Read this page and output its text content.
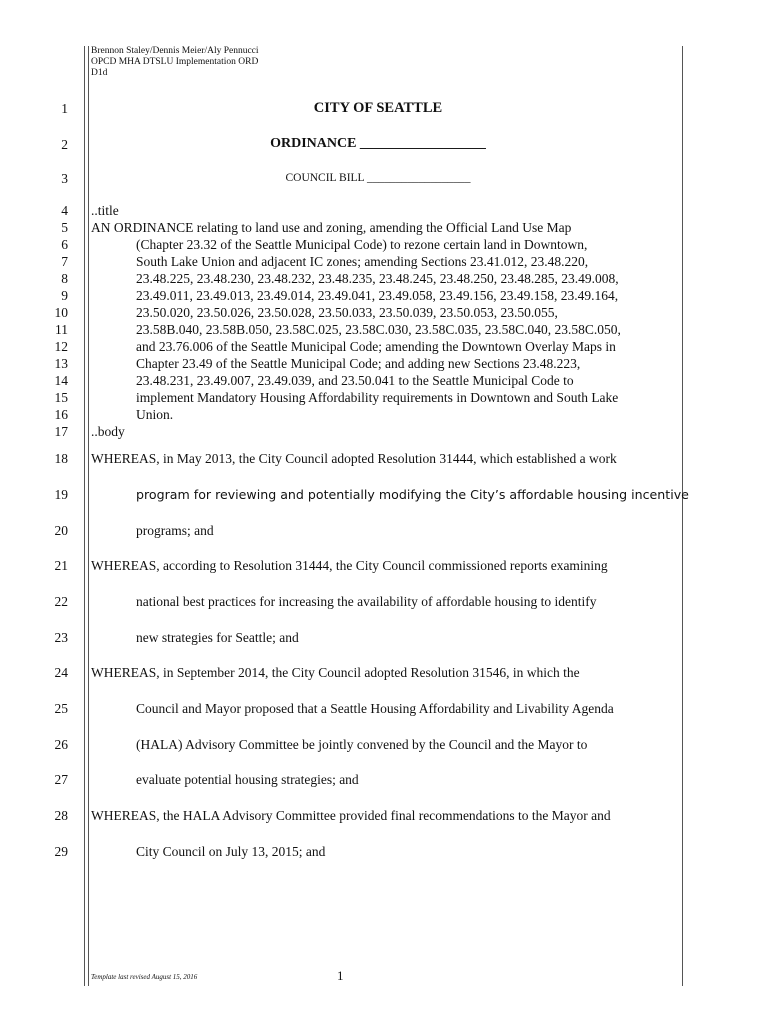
Brennon Staley/Dennis Meier/Aly Pennucci
OPCD MHA DTSLU Implementation ORD
D1d
1
2
3
4
5
6
7
8
9
10
11
12
13
14
15
16
17
18
19
20
21
22
23
24
25
26
27
28
29
CITY OF SEATTLE
ORDINANCE __________________
COUNCIL BILL __________________
..title
AN ORDINANCE relating to land use and zoning, amending the Official Land Use Map
(Chapter 23.32 of the Seattle Municipal Code) to rezone certain land in Downtown,
South Lake Union and adjacent IC zones; amending Sections 23.41.012, 23.48.220,
23.48.225, 23.48.230, 23.48.232, 23.48.235, 23.48.245, 23.48.250, 23.48.285, 23.49.008,
23.49.011, 23.49.013, 23.49.014, 23.49.041, 23.49.058, 23.49.156, 23.49.158, 23.49.164,
23.50.020, 23.50.026, 23.50.028, 23.50.033, 23.50.039, 23.50.053, 23.50.055,
23.58B.040, 23.58B.050, 23.58C.025, 23.58C.030, 23.58C.035, 23.58C.040, 23.58C.050,
and 23.76.006 of the Seattle Municipal Code; amending the Downtown Overlay Maps in
Chapter 23.49 of the Seattle Municipal Code; and adding new Sections 23.48.223,
23.48.231, 23.49.007, 23.49.039, and 23.50.041 to the Seattle Municipal Code to
implement Mandatory Housing Affordability requirements in Downtown and South Lake
Union.
..body
WHEREAS, in May 2013, the City Council adopted Resolution 31444, which established a work
program for reviewing and potentially modifying the City’s affordable housing incentive
programs; and
WHEREAS, according to Resolution 31444, the City Council commissioned reports examining
national best practices for increasing the availability of affordable housing to identify
new strategies for Seattle; and
WHEREAS, in September 2014, the City Council adopted Resolution 31546, in which the
Council and Mayor proposed that a Seattle Housing Affordability and Livability Agenda
(HALA) Advisory Committee be jointly convened by the Council and the Mayor to
evaluate potential housing strategies; and
WHEREAS, the HALA Advisory Committee provided final recommendations to the Mayor and
City Council on July 13, 2015; and
Template last revised August 15, 2016	1
